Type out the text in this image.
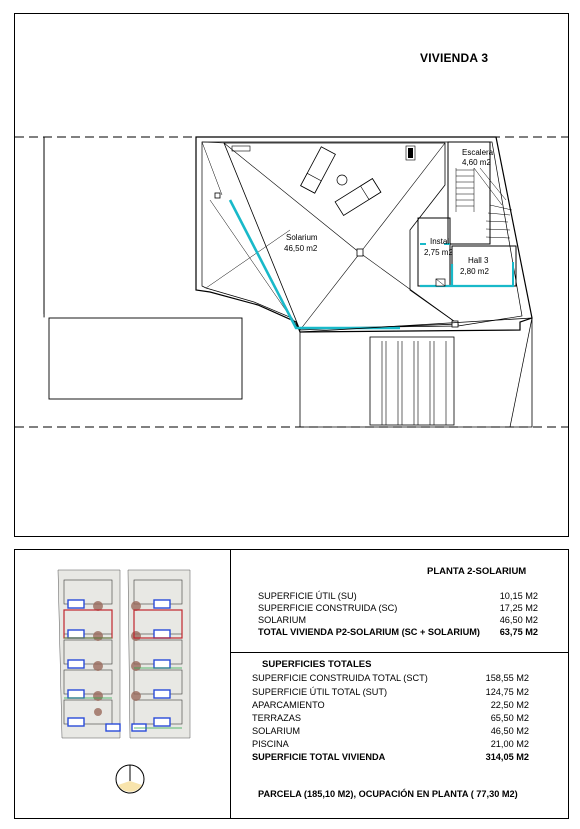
VIVIENDA 3
Solarium
46,50 m2
Escalera
4,60 m2
Instal.
2,75 m2
Hall 3
2,80 m2
PLANTA 2-SOLARIUM
SUPERFICIE ÚTIL (SU)	10,15 M2
SUPERFICIE CONSTRUIDA (SC)	17,25 M2
SOLARIUM	46,50 M2
TOTAL VIVIENDA P2-SOLARIUM (SC + SOLARIUM) 63,75 M2
SUPERFICIES TOTALES
SUPERFICIE CONSTRUIDA TOTAL (SCT)	158,55 M2
SUPERFICIE ÚTIL TOTAL (SUT)	124,75 M2
APARCAMIENTO	22,50 M2
TERRAZAS	65,50 M2
SOLARIUM	46,50 M2
PISCINA	21,00 M2
SUPERFICIE TOTAL VIVIENDA	314,05 M2
PARCELA (185,10 M2), OCUPACIÓN EN PLANTA ( 77,30 M2)
